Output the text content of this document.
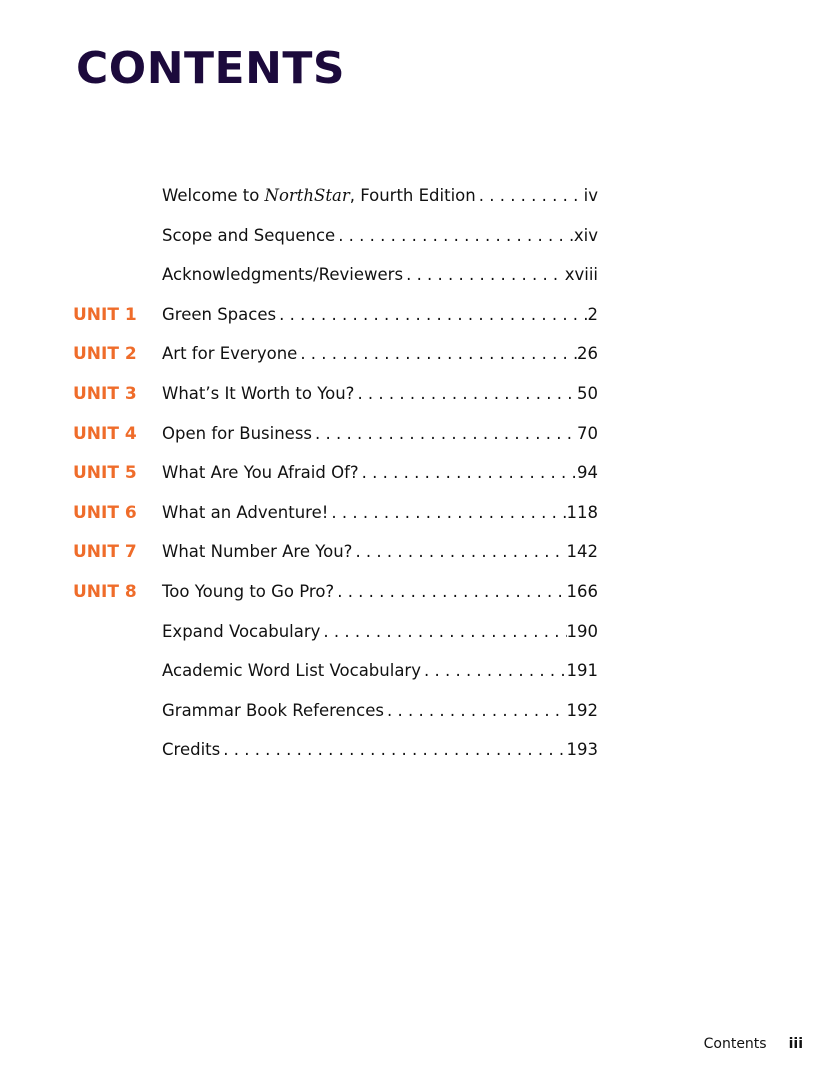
CONTENTS
Welcome to NorthStar, Fourth Edition . . .	iv
Scope and Sequence . . .	xiv
Acknowledgments/Reviewers . . .	xviii
UNIT 1 Green Spaces . . .	2
UNIT 2 Art for Everyone . . .	26
UNIT 3 What’s It Worth to You? . . .	50
UNIT 4 Open for Business . . .	70
UNIT 5 What Are You Afraid Of? . . .	94
UNIT 6 What an Adventure! . . .	118
UNIT 7 What Number Are You? . . .	142
UNIT 8 Too Young to Go Pro? . . .	166
Expand Vocabulary . . .	190
Academic Word List Vocabulary . . .	191
Grammar Book References . . .	192
Credits . . .	193
Contents iii
